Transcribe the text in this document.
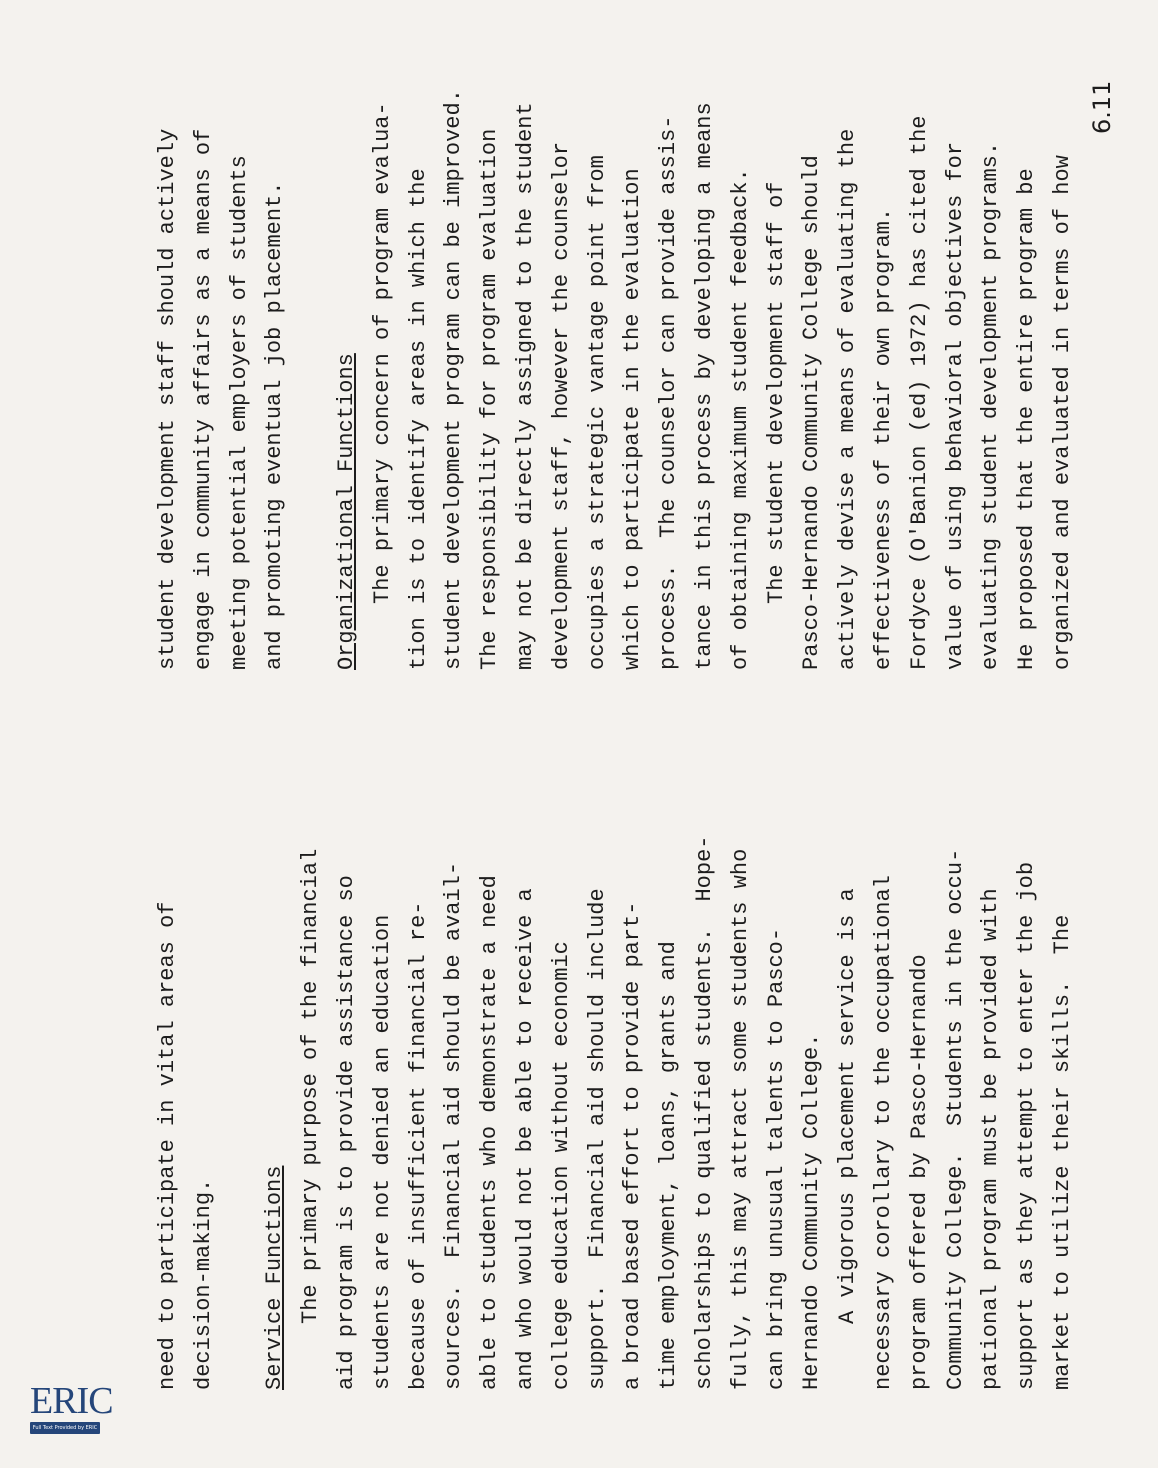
need to participate in vital areas of decision-making. Service Functions The primary purpose of the financial aid program is to provide assistance so students are not denied an education because of insufficient financial re- sources.  Financial aid should be avail- able to students who demonstrate a need and who would not be able to receive a college education without economic support.  Financial aid should include a broad based effort to provide part- time employment, loans, grants and scholarships to qualified students.  Hope- fully, this may attract some students who can bring unusual talents to Pasco- Hernando Community College. A vigorous placement service is a necessary corollary to the occupational program offered by Pasco-Hernando Community College.  Students in the occu- pational program must be provided with support as they attempt to enter the job market to utilize their skills.  The
student development staff should actively engage in community affairs as a means of meeting potential employers of students and promoting eventual job placement. Organizational Functions The primary concern of program evalua- tion is to identify areas in which the student development program can be improved. The responsibility for program evaluation may not be directly assigned to the student development staff, however the counselor occupies a strategic vantage point from which to participate in the evaluation process.  The counselor can provide assis- tance in this process by developing a means of obtaining maximum student feedback. The student development staff of Pasco-Hernando Community College should actively devise a means of evaluating the effectiveness of their own program. Fordyce (O'Banion (ed) 1972) has cited the value of using behavioral objectives for evaluating student development programs. He proposed that the entire program be organized and evaluated in terms of how
6.11
ERIC
Full Text Provided by ERIC
